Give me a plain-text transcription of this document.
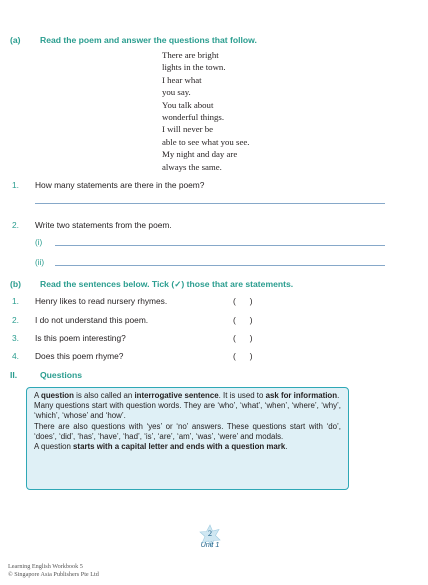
(a) Read the poem and answer the questions that follow.
There are bright
lights in the town.
I hear what
you say.
You talk about
wonderful things.
I will never be
able to see what you see.
My night and day are
always the same.
1. How many statements are there in the poem?
2. Write two statements from the poem.
(i)
(ii)
(b) Read the sentences below. Tick (✓) those that are statements.
1. Henry likes to read nursery rhymes.	(      )
2. I do not understand this poem.	(      )
3. Is this poem interesting?	(      )
4. Does this poem rhyme?	(      )
II.	Questions

A question is also called an interrogative sentence. It is used to ask for information.

Many questions start with question words. They are ‘who’, ‘what’, ‘when’, ‘where’, ‘why’, ‘which’, ‘whose’ and ‘how’.

There are also questions with ‘yes’ or ‘no’ answers. These questions start with ‘do’, ‘does’, ‘did’, ‘has’, ‘have’, ‘had’, ‘is’, ‘are’, ‘am’, ‘was’, ‘were’ and modals.

A question starts with a capital letter and ends with a question mark.

2
Unit 1
Learning English Workbook 5
© Singapore Asia Publishers Pte Ltd
